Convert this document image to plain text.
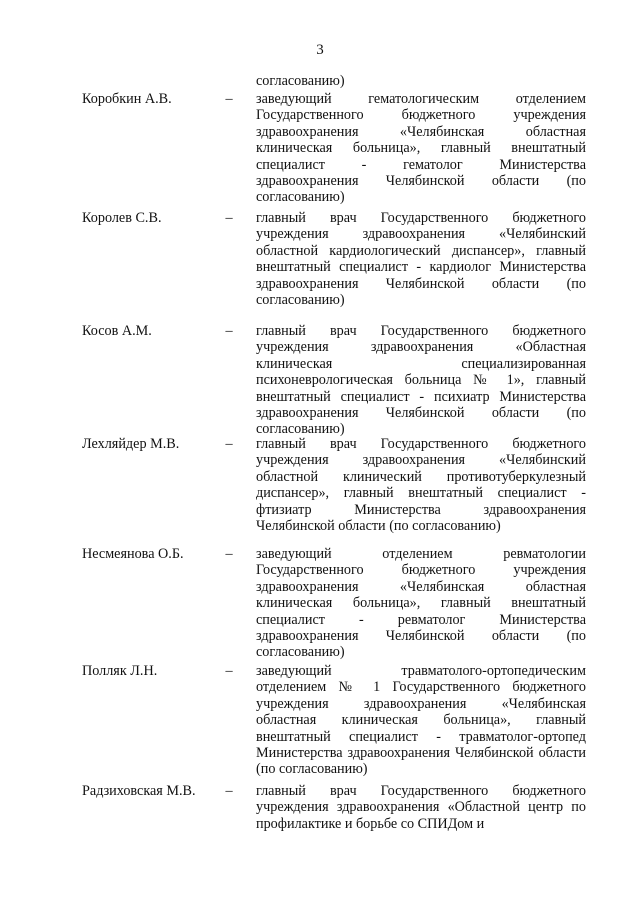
3
согласованию)
Коробкин А.В.	– заведующий гематологическим отделением Государственного бюджетного учреждения здравоохранения «Челябинская областная клиническая больница», главный внештатный специалист - гематолог Министерства здравоохранения Челябинской области (по согласованию)
Королев С.В.	– главный врач Государственного бюджетного учреждения здравоохранения «Челябинский областной кардиологический диспансер», главный внештатный специалист - кардиолог Министерства здравоохранения Челябинской области (по согласованию)
Косов А.М.	– главный врач Государственного бюджетного учреждения здравоохранения «Областная клиническая специализированная психоневрологическая больница № 1», главный внештатный специалист - психиатр Министерства здравоохранения Челябинской области (по согласованию)
Лехляйдер М.В.	– главный врач Государственного бюджетного учреждения здравоохранения «Челябинский областной клинический противотуберкулезный диспансер», главный внештатный специалист - фтизиатр Министерства здравоохранения Челябинской области (по согласованию)
Несмеянова О.Б.	– заведующий отделением ревматологии Государственного бюджетного учреждения здравоохранения «Челябинская областная клиническая больница», главный внештатный специалист - ревматолог Министерства здравоохранения Челябинской области (по согласованию)
Полляк Л.Н.	– заведующий травматолого-ортопедическим отделением № 1 Государственного бюджетного учреждения здравоохранения «Челябинская областная клиническая больница», главный внештатный специалист - травматолог-ортопед Министерства здравоохранения Челябинской области (по согласованию)
Радзиховская М.В.	– главный врач Государственного бюджетного учреждения здравоохранения «Областной центр по профилактике и борьбе со СПИДом и
